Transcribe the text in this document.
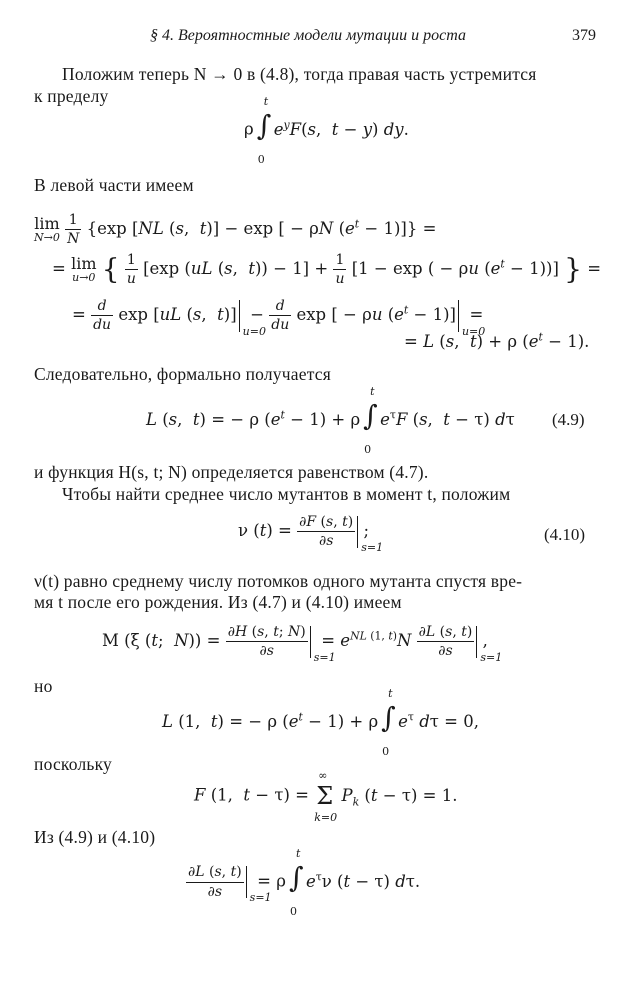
§ 4. Вероятностные модели мутации и роста	379
Положим теперь N → 0 в (4.8), тогда правая часть устремится
к пределу
ρ ∫
t
0
$e^yF(s$,  t − y) dy.
В левой части имеем
lim
N→0
$\frac{1}{N} \{\exp$ [NL (s,  t)] − exp [ − ρN $(e^t - 1)$]} =
= lim
u→0 { $\frac{1}{u} [\exp$ (uL (s,  $t)) - 1] + \frac{1}{u} [1 - \exp$ ( − ρu $(e^t - 1)$)] } =
= $\frac{d}{du}$ exp [uL (s,  t)]
u=0
− $\frac{d}{du}$ exp [ − ρu $(e^t - 1)$]
u=0
=
= L (s,  t) + ρ $(e^t - 1)$.
Следовательно, формально получается
L (s,  t) = − ρ $(e^t - 1) + \rho$ ∫
t
0
$e^\tau F$ (s,  t − τ) dτ (4.9)
и функция H(s, t; N) определяется равенством (4.7).
Чтобы найти среднее число мутантов в момент t, положим
ν $(t) = \frac{\partial F (s, t)}{\partial s} s=1$
;	(4.10)
ν(t) равно среднему числу потомков одного мутанта спустя вре-
мя t после его рождения. Из (4.7) и (4.10) имеем
M (ξ (t;  $N)) = \frac{\partial H (s, t; N)}{\partial s} s=1$
= $e^{NL (1, t)}N \frac{\partial L (s, t)}{\partial s} s=1$
,
но
L (1,  t) = − ρ $(e^t - 1) + \rho$ ∫
t
0
$e^\tau$ dτ = 0,
поскольку
F (1,  t − τ) =
∞
Σ
k=0
$P_k$ (t − τ) = 1.
Из (4.9) и (4.10)
$\frac{\partial L (s, t)}{\partial s} s=1$
= ρ ∫
t
0
$e^\tau\nu$ (t − τ) dτ.
